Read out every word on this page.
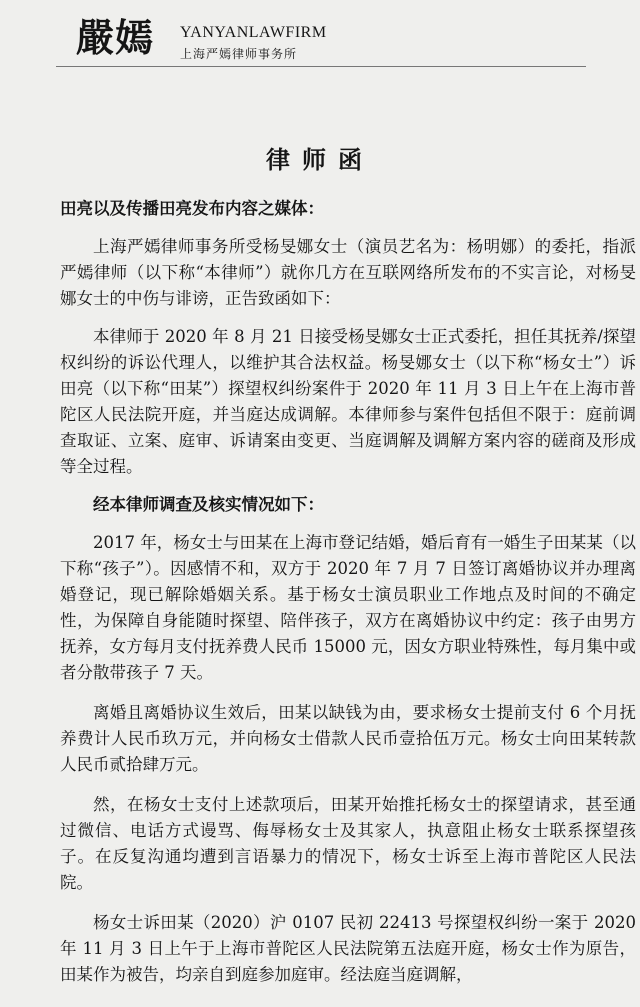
嚴嫣 YANYANLAWFIRM
上海严嫣律师事务所
律师函

田亮以及传播田亮发布内容之媒体：

上海严嫣律师事务所受杨旻娜女士（演员艺名为：杨明娜）的委托，指派严嫣律师（以下称“本律师”）就你几方在互联网络所发布的不实言论，对杨旻娜女士的中伤与诽谤，正告致函如下：

本律师于 2020 年 8 月 21 日接受杨旻娜女士正式委托，担任其抚养/探望权纠纷的诉讼代理人，以维护其合法权益。杨旻娜女士（以下称“杨女士”）诉田亮（以下称“田某”）探望权纠纷案件于 2020 年 11 月 3 日上午在上海市普陀区人民法院开庭，并当庭达成调解。本律师参与案件包括但不限于：庭前调查取证、立案、庭审、诉请案由变更、当庭调解及调解方案内容的磋商及形成等全过程。

经本律师调查及核实情况如下：

2017 年，杨女士与田某在上海市登记结婚，婚后育有一婚生子田某某（以下称“孩子”）。因感情不和，双方于 2020 年 7 月 7 日签订离婚协议并办理离婚登记，现已解除婚姻关系。基于杨女士演员职业工作地点及时间的不确定性，为保障自身能随时探望、陪伴孩子，双方在离婚协议中约定：孩子由男方抚养，女方每月支付抚养费人民币 15000 元，因女方职业特殊性，每月集中或者分散带孩子 7 天。

离婚且离婚协议生效后，田某以缺钱为由，要求杨女士提前支付 6 个月抚养费计人民币玖万元，并向杨女士借款人民币壹拾伍万元。杨女士向田某转款人民币贰拾肆万元。

然，在杨女士支付上述款项后，田某开始推托杨女士的探望请求，甚至通过微信、电话方式谩骂、侮辱杨女士及其家人，执意阻止杨女士联系探望孩子。在反复沟通均遭到言语暴力的情况下，杨女士诉至上海市普陀区人民法院。

杨女士诉田某（2020）沪 0107 民初 22413 号探望权纠纷一案于 2020 年 11 月 3 日上午于上海市普陀区人民法院第五法庭开庭，杨女士作为原告，田某作为被告，均亲自到庭参加庭审。经法庭当庭调解，
